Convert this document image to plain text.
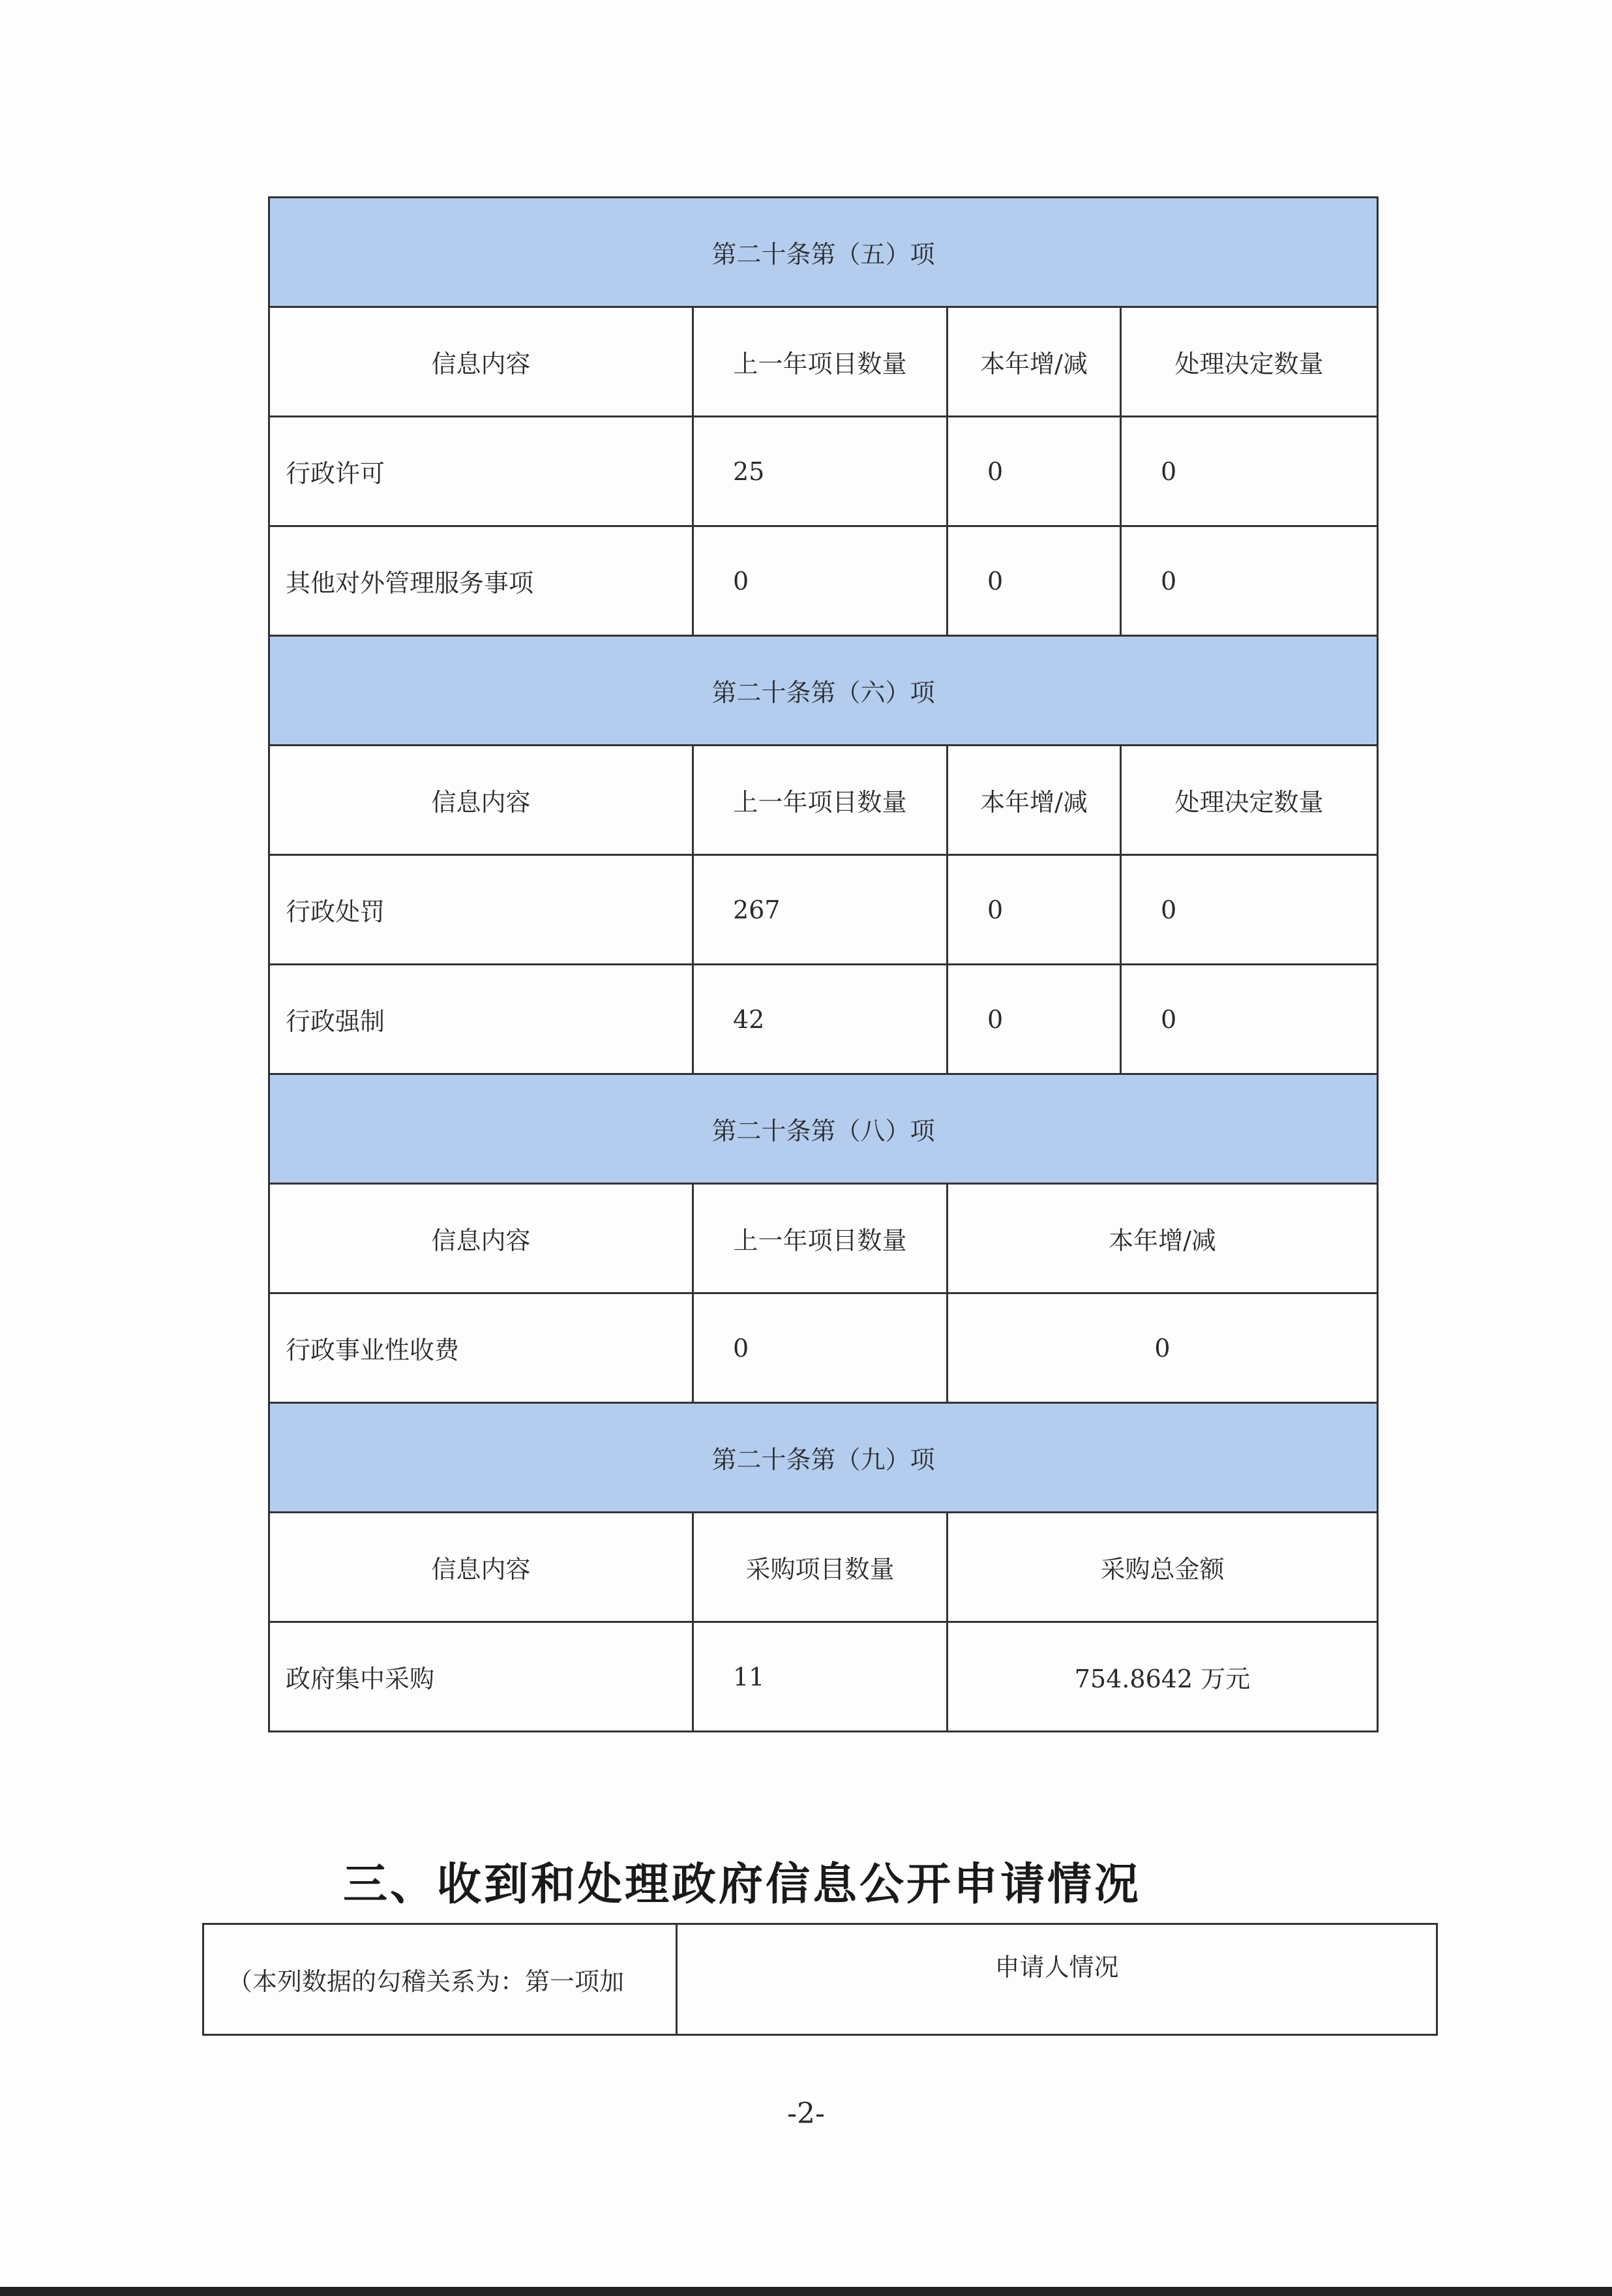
第二十条第（五）项			
信息内容	上一年项目数量	本年增/减	处理决定数量
行政许可	25	0	0
其他对外管理服务事项	0	0	0
第二十条第（六）项			
信息内容	上一年项目数量	本年增/减	处理决定数量
行政处罚	267	0	0
行政强制	42	0	0
第二十条第（八）项			
信息内容	上一年项目数量	本年增/减	
行政事业性收费	0	0	
第二十条第（九）项			
信息内容	采购项目数量	采购总金额	
政府集中采购	11	754.8642 万元	
三、收到和处理政府信息公开申请情况
（本列数据的勾稽关系为：第一项加	申请人情况
-2-
